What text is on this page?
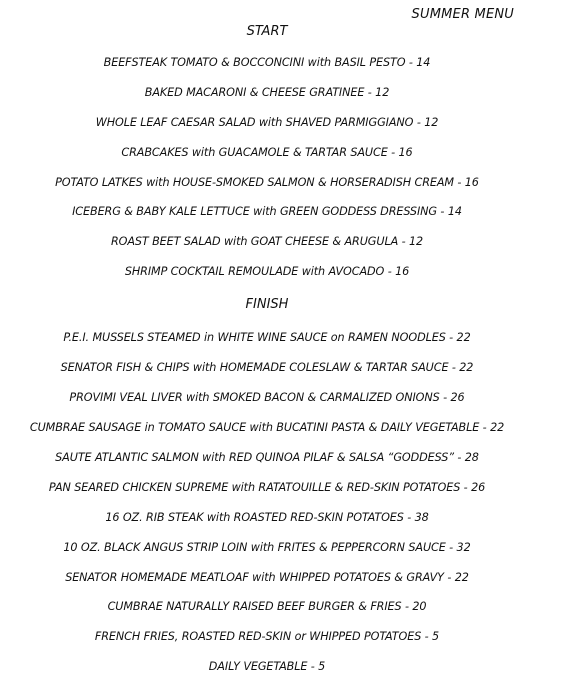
SUMMER MENU
START
BEEFSTEAK TOMATO & BOCCONCINI with BASIL PESTO - 14
BAKED MACARONI & CHEESE GRATINEE - 12
WHOLE LEAF CAESAR SALAD with SHAVED PARMIGGIANO - 12
CRABCAKES with GUACAMOLE & TARTAR SAUCE - 16
POTATO LATKES with HOUSE-SMOKED SALMON & HORSERADISH CREAM - 16
ICEBERG & BABY KALE LETTUCE with GREEN GODDESS DRESSING - 14
ROAST BEET SALAD with GOAT CHEESE & ARUGULA - 12
SHRIMP COCKTAIL REMOULADE with AVOCADO - 16
FINISH
P.E.I. MUSSELS STEAMED in WHITE WINE SAUCE on RAMEN NOODLES - 22
SENATOR FISH & CHIPS with HOMEMADE COLESLAW & TARTAR SAUCE - 22
PROVIMI VEAL LIVER with SMOKED BACON & CARMALIZED ONIONS - 26
CUMBRAE SAUSAGE in TOMATO SAUCE with BUCATINI PASTA & DAILY VEGETABLE - 22
SAUTE ATLANTIC SALMON with RED QUINOA PILAF & SALSA “GODDESS” - 28
PAN SEARED CHICKEN SUPREME with RATATOUILLE & RED-SKIN POTATOES - 26
16 OZ. RIB STEAK with ROASTED RED-SKIN POTATOES - 38
10 OZ. BLACK ANGUS STRIP LOIN with FRITES & PEPPERCORN SAUCE - 32
SENATOR HOMEMADE MEATLOAF with WHIPPED POTATOES & GRAVY - 22
CUMBRAE NATURALLY RAISED BEEF BURGER & FRIES - 20
FRENCH FRIES, ROASTED RED-SKIN or WHIPPED POTATOES - 5
DAILY VEGETABLE - 5
